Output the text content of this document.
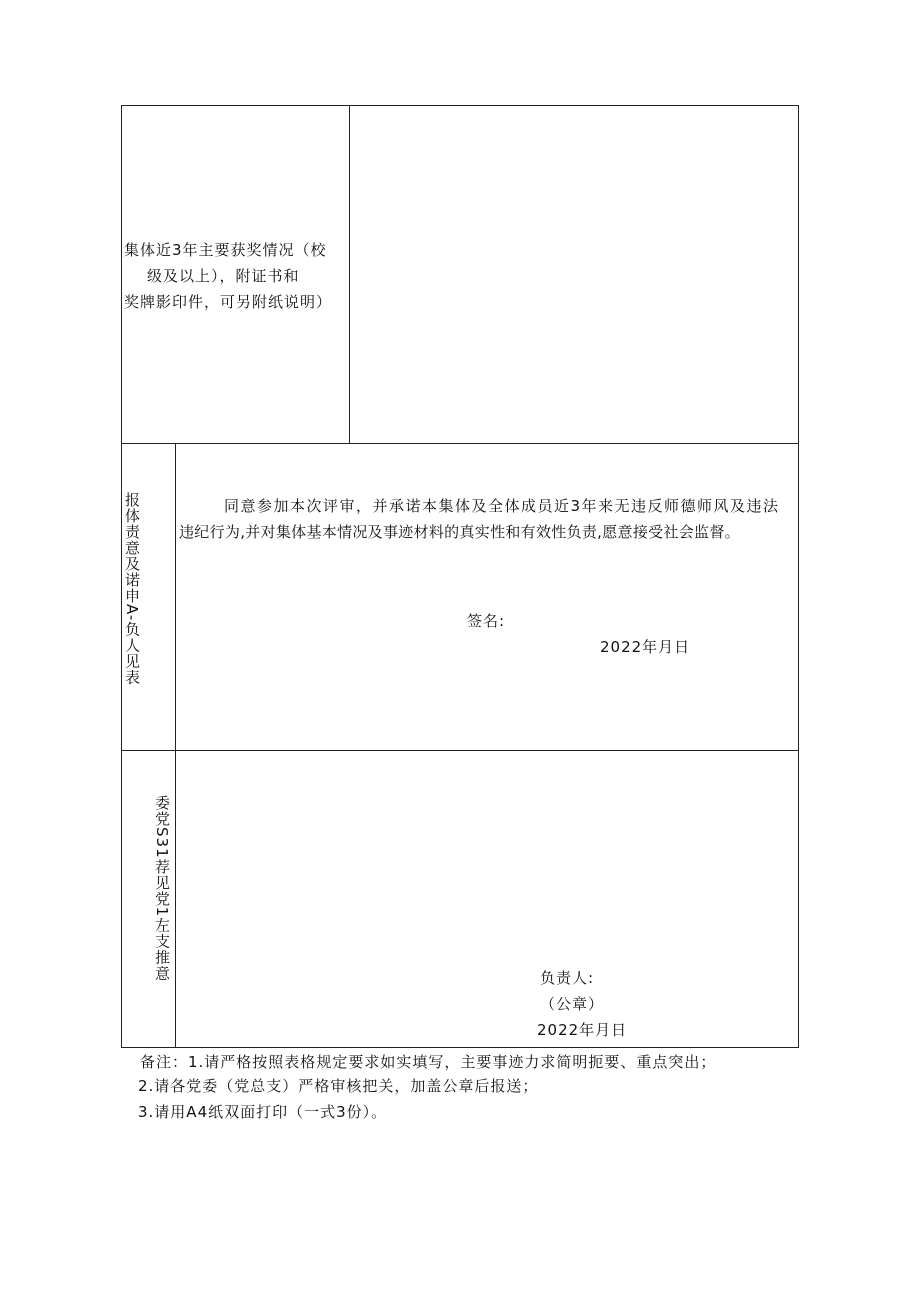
集体近3年主要获奖情况（校
级及以上），附证书和
奖牌影印件，可另附纸说明）
报体责意及诺申A-负人见表	同意参加本次评审，并承诺本集体及全体成员近3年来无违反师德师风及违法
违纪行为,并对集体基本情况及事迹材料的真实性和有效性负责,愿意接受社会监督。
签名:
2022年月日
委党S31荐见党1左支推意	负责人:
（公章）
2022年月日
备注：1.请严格按照表格规定要求如实填写，主要事迹力求简明扼要、重点突出；
2.请各党委（党总支）严格审核把关，加盖公章后报送；
3.请用A4纸双面打印（一式3份）。
